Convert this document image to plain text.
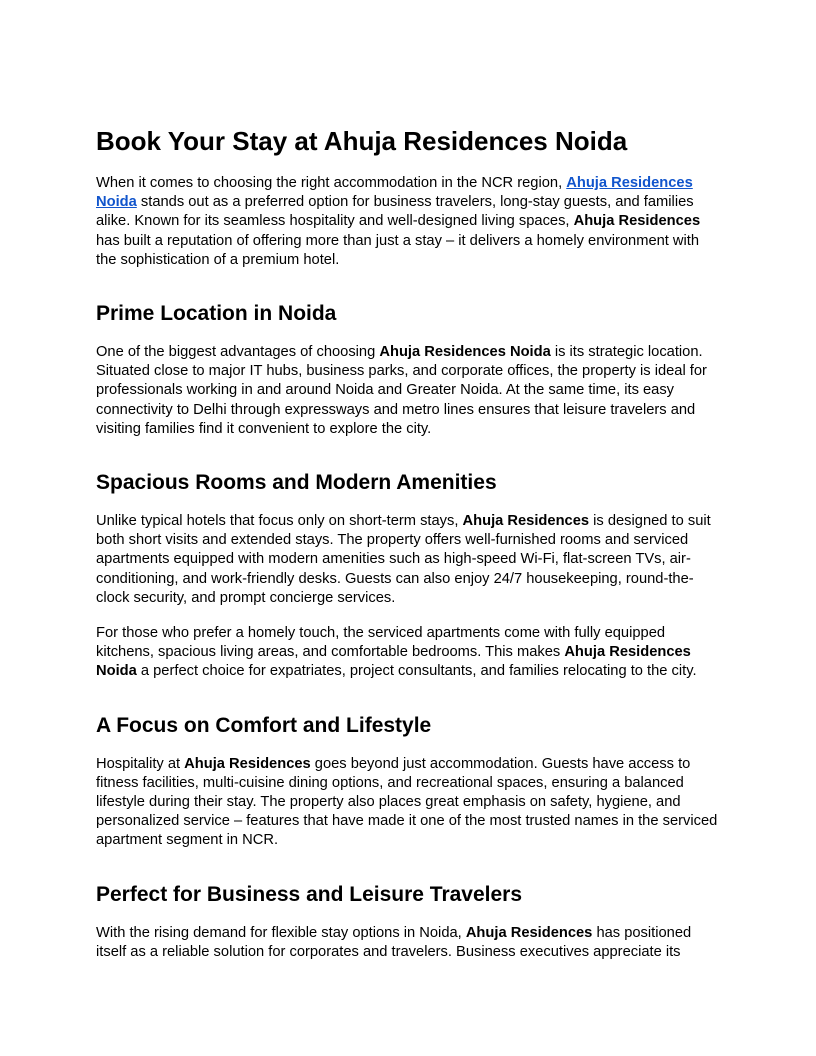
Book Your Stay at Ahuja Residences Noida

When it comes to choosing the right accommodation in the NCR region, Ahuja Residences Noida stands out as a preferred option for business travelers, long-stay guests, and families alike. Known for its seamless hospitality and well-designed living spaces, Ahuja Residences has built a reputation of offering more than just a stay – it delivers a homely environment with the sophistication of a premium hotel.

Prime Location in Noida

One of the biggest advantages of choosing Ahuja Residences Noida is its strategic location. Situated close to major IT hubs, business parks, and corporate offices, the property is ideal for professionals working in and around Noida and Greater Noida. At the same time, its easy connectivity to Delhi through expressways and metro lines ensures that leisure travelers and visiting families find it convenient to explore the city.

Spacious Rooms and Modern Amenities

Unlike typical hotels that focus only on short-term stays, Ahuja Residences is designed to suit both short visits and extended stays. The property offers well-furnished rooms and serviced apartments equipped with modern amenities such as high-speed Wi-Fi, flat-screen TVs, air-conditioning, and work-friendly desks. Guests can also enjoy 24/7 housekeeping, round-the-clock security, and prompt concierge services.

For those who prefer a homely touch, the serviced apartments come with fully equipped kitchens, spacious living areas, and comfortable bedrooms. This makes Ahuja Residences Noida a perfect choice for expatriates, project consultants, and families relocating to the city.

A Focus on Comfort and Lifestyle

Hospitality at Ahuja Residences goes beyond just accommodation. Guests have access to fitness facilities, multi-cuisine dining options, and recreational spaces, ensuring a balanced lifestyle during their stay. The property also places great emphasis on safety, hygiene, and personalized service – features that have made it one of the most trusted names in the serviced apartment segment in NCR.

Perfect for Business and Leisure Travelers

With the rising demand for flexible stay options in Noida, Ahuja Residences has positioned itself as a reliable solution for corporates and travelers. Business executives appreciate its
